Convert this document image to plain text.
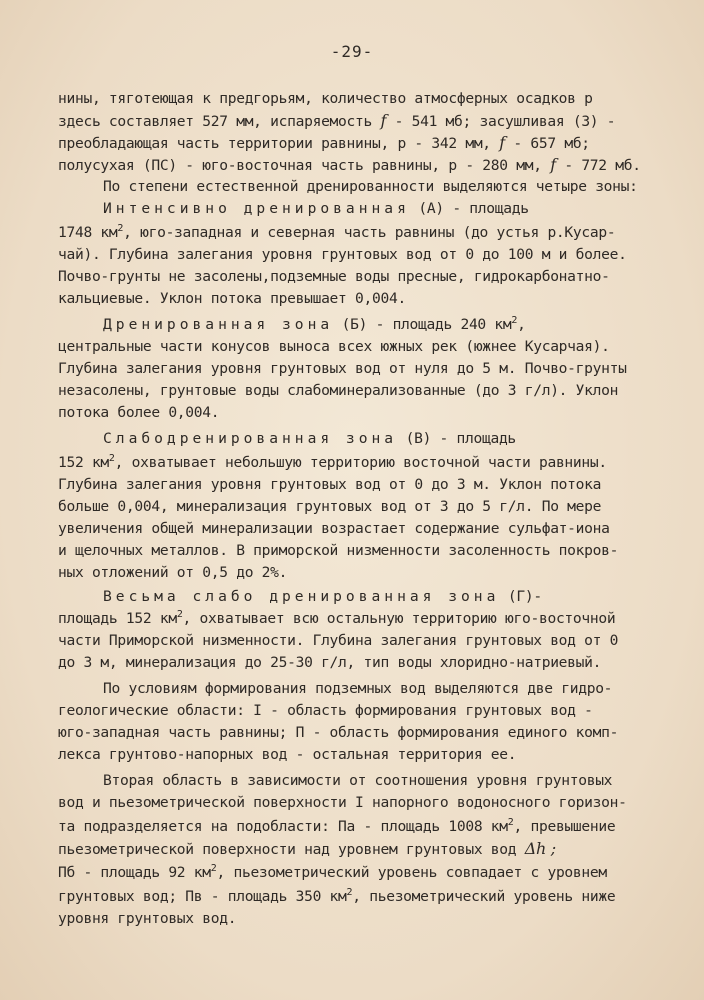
-29-
нины, тяготеющая к предгорьям, количество атмосферных осадков р
здесь составляет 527 мм, испаряемость f - 541 мб; засушливая (3) -
преобладающая часть территории равнины, р - 342 мм, f - 657 мб;
полусухая (ПС) - юго-восточная часть равнины, р - 280 мм, f - 772 мб.
По степени естественной дренированности выделяются четыре зоны:
Интенсивно дренированная (А) - площадь
1748 $км^2$, юго-западная и северная часть равнины (до устья р.Кусар-
чай). Глубина залегания уровня грунтовых вод от 0 до 100 м и более.
Почво-грунты не засолены,подземные воды пресные, гидрокарбонатно-
кальциевые. Уклон потока превышает 0,004.
Дренированная зона (Б) - площадь 240 $км^2$,
центральные части конусов выноса всех южных рек (южнее Кусарчая).
Глубина залегания уровня грунтовых вод от нуля до 5 м. Почво-грунты
незасолены, грунтовые воды слабоминерализованные (до 3 г/л). Уклон
потока более 0,004.
Слабодренированная зона (В) - площадь
152 $км^2$, охватывает небольшую территорию восточной части равнины.
Глубина залегания уровня грунтовых вод от 0 до 3 м. Уклон потока
больше 0,004, минерализация грунтовых вод от 3 до 5 г/л. По мере
увеличения общей минерализации возрастает содержание сульфат-иона
и щелочных металлов. В приморской низменности засоленность покров-
ных отложений от 0,5 до 2%.
Весьма слабо дренированная зона (Г)-
площадь 152 $км^2$, охватывает всю остальную территорию юго-восточной
части Приморской низменности. Глубина залегания грунтовых вод от 0
до 3 м, минерализация до 25-30 г/л, тип воды хлоридно-натриевый.
По условиям формирования подземных вод выделяются две гидро-
геологические области: I - область формирования грунтовых вод -
юго-западная часть равнины; П - область формирования единого комп-
лекса грунтово-напорных вод - остальная территория ее.
Вторая область в зависимости от соотношения уровня грунтовых
вод и пьезометрической поверхности I напорного водоносного горизон-
та подразделяется на подобласти: Па - площадь 1008 $км^2$, превышение
пьезометрической поверхности над уровнем грунтовых вод Δh ;
Пб - площадь 92 $км^2$, пьезометрический уровень совпадает с уровнем
грунтовых вод; Пв - площадь 350 $км^2$, пьезометрический уровень ниже
уровня грунтовых вод.
